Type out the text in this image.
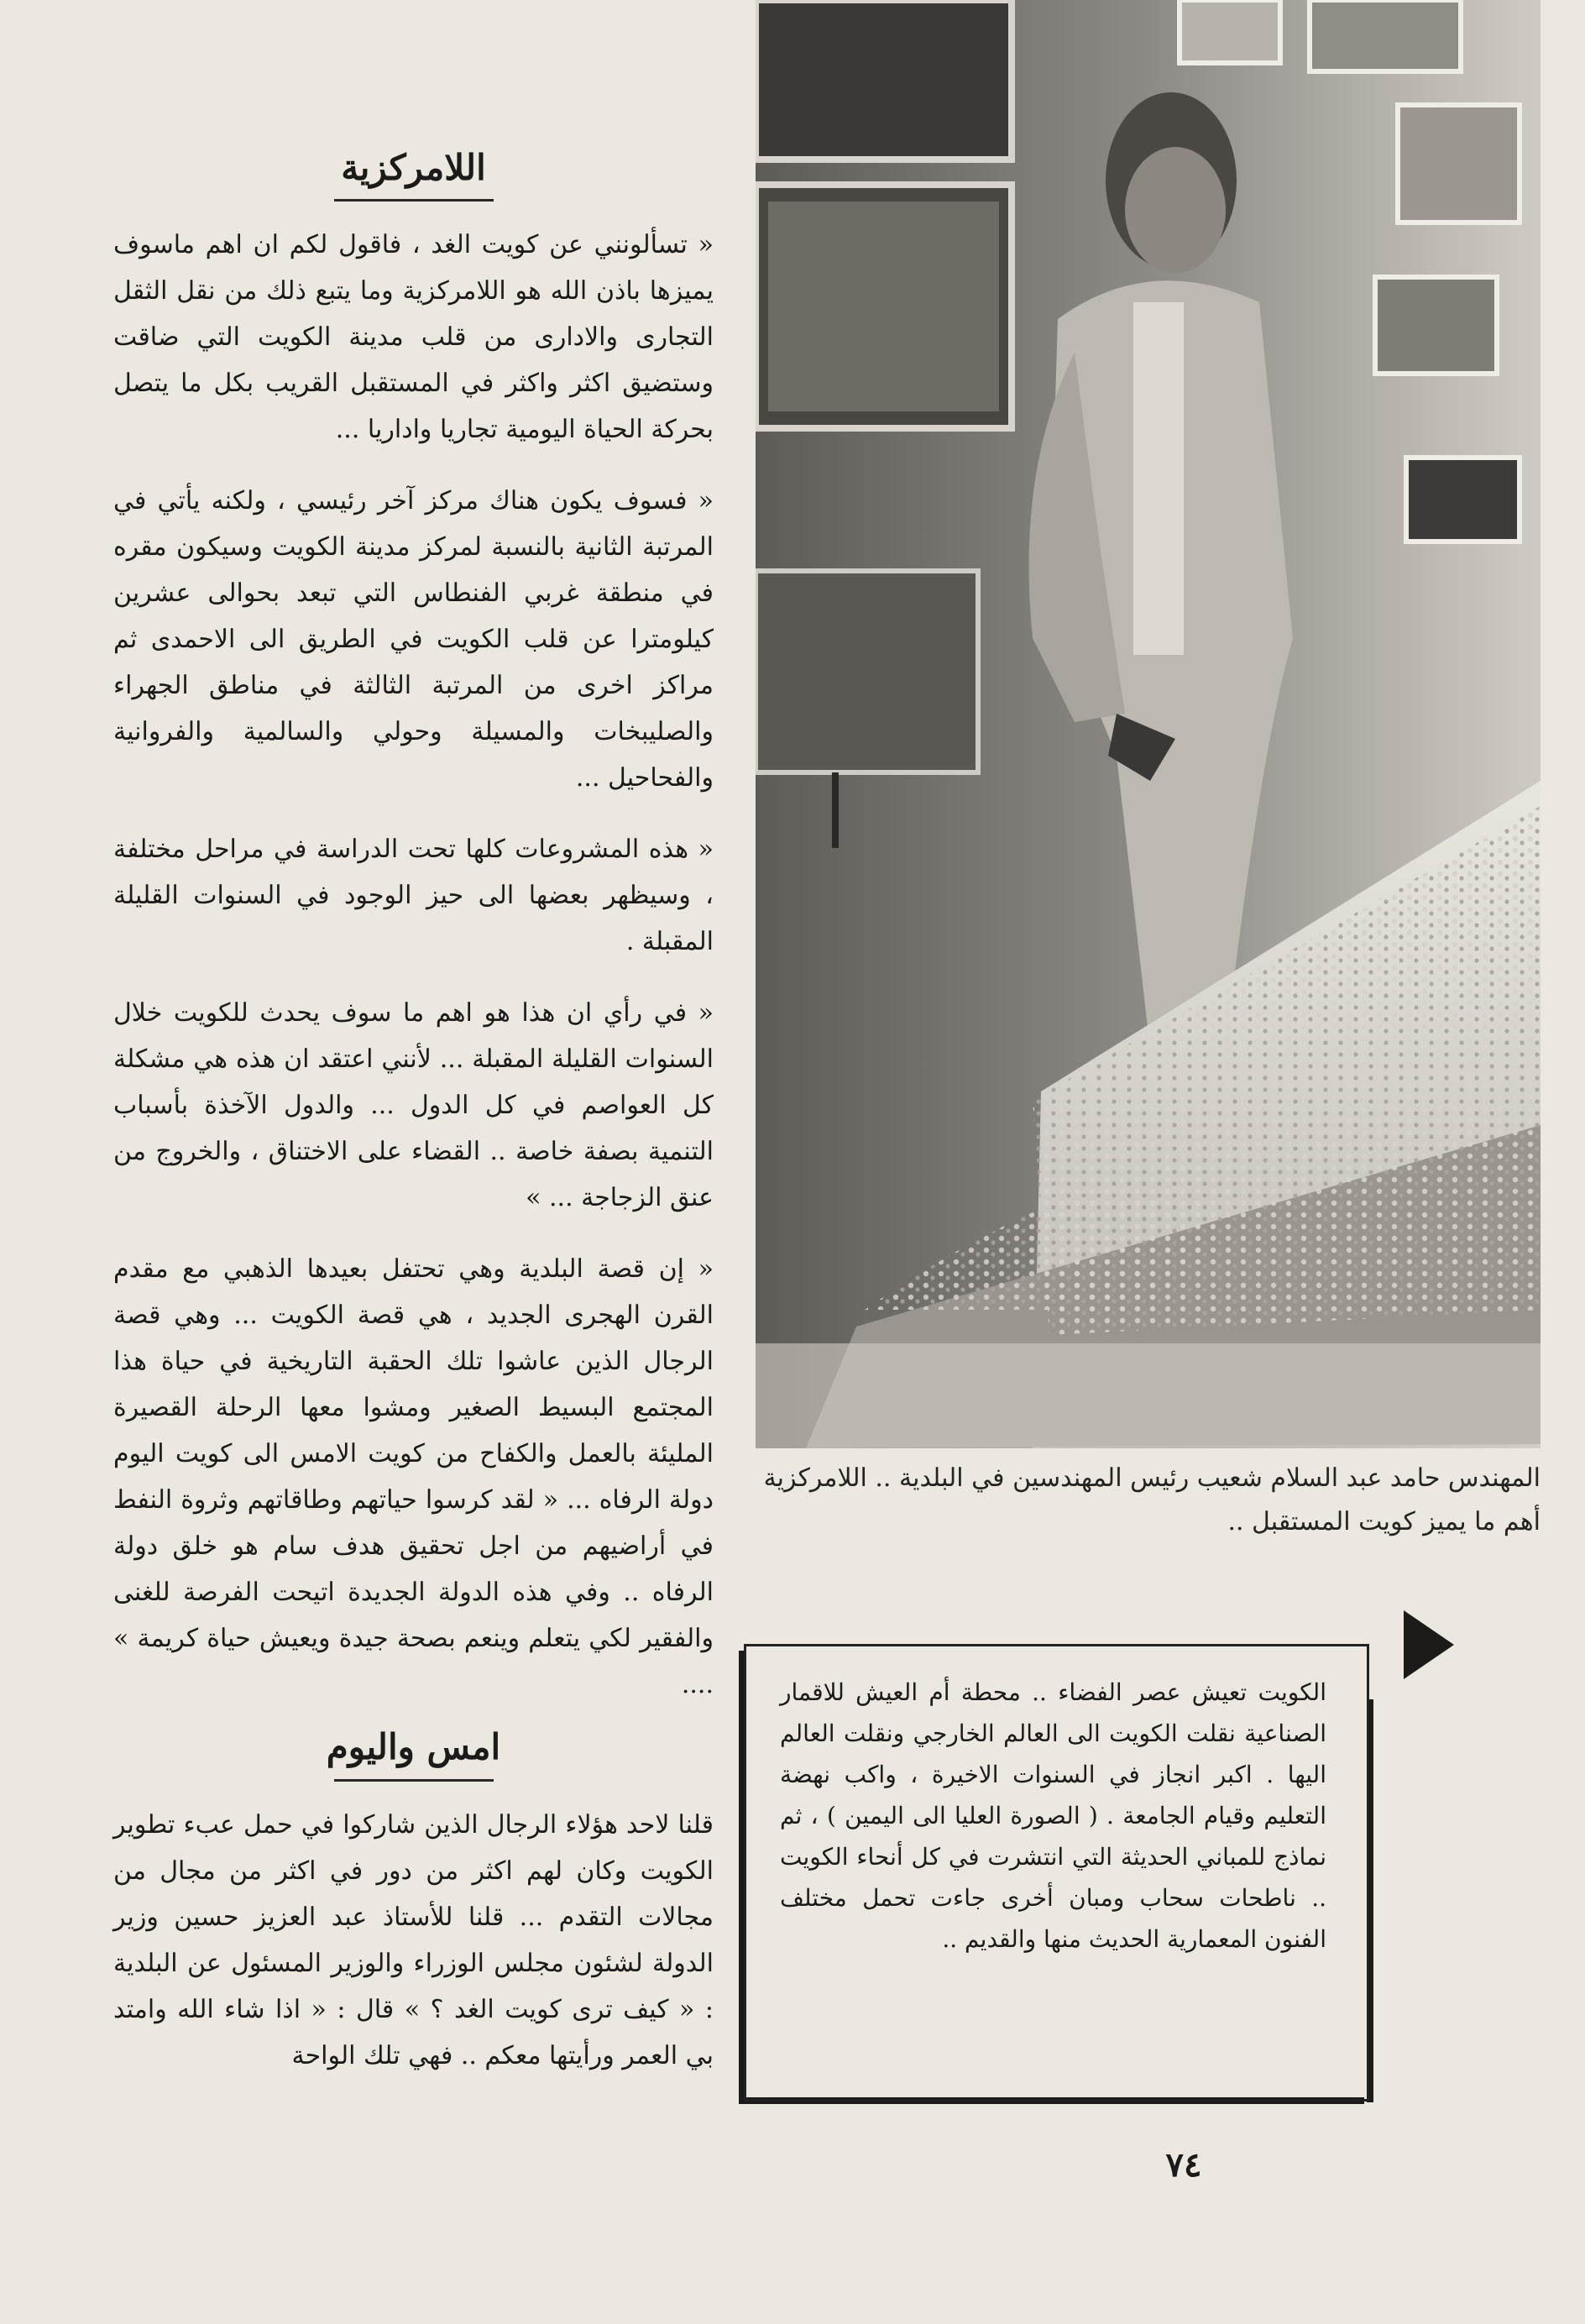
اللامركزية

« تسألونني عن كويت الغد ، فاقول لكم ان اهم ماسوف يميزها باذن الله هو اللامركزية وما يتبع ذلك من نقل الثقل التجارى والادارى من قلب مدينة الكويت التي ضاقت وستضيق اكثر واكثر في المستقبل القريب بكل ما يتصل بحركة الحياة اليومية تجاريا واداريا ...

« فسوف يكون هناك مركز آخر رئيسي ، ولكنه يأتي في المرتبة الثانية بالنسبة لمركز مدينة الكويت وسيكون مقره في منطقة غربي الفنطاس التي تبعد بحوالى عشرين كيلومترا عن قلب الكويت في الطريق الى الاحمدى ثم مراكز اخرى من المرتبة الثالثة في مناطق الجهراء والصليبخات والمسيلة وحولي والسالمية والفروانية والفحاحيل ...

« هذه المشروعات كلها تحت الدراسة في مراحل مختلفة ، وسيظهر بعضها الى حيز الوجود في السنوات القليلة المقبلة .

« في رأي ان هذا هو اهم ما سوف يحدث للكويت خلال السنوات القليلة المقبلة ... لأنني اعتقد ان هذه هي مشكلة كل العواصم في كل الدول ... والدول الآخذة بأسباب التنمية بصفة خاصة .. القضاء على الاختناق ، والخروج من عنق الزجاجة ... »

« إن قصة البلدية وهي تحتفل بعيدها الذهبي مع مقدم القرن الهجرى الجديد ، هي قصة الكويت ... وهي قصة الرجال الذين عاشوا تلك الحقبة التاريخية في حياة هذا المجتمع البسيط الصغير ومشوا معها الرحلة القصيرة المليئة بالعمل والكفاح من كويت الامس الى كويت اليوم دولة الرفاه ... « لقد كرسوا حياتهم وطاقاتهم وثروة النفط في أراضيهم من اجل تحقيق هدف سام هو خلق دولة الرفاه .. وفي هذه الدولة الجديدة اتيحت الفرصة للغنى والفقير لكي يتعلم وينعم بصحة جيدة ويعيش حياة كريمة » ....

امس واليوم

قلنا لاحد هؤلاء الرجال الذين شاركوا في حمل عبء تطوير الكويت وكان لهم اكثر من دور في اكثر من مجال من مجالات التقدم ... قلنا للأستاذ عبد العزيز حسين وزير الدولة لشئون مجلس الوزراء والوزير المسئول عن البلدية : « كيف ترى كويت الغد ؟ » قال : « اذا شاء الله وامتد بي العمر ورأيتها معكم .. فهي تلك الواحة

المهندس حامد عبد السلام شعيب رئيس المهندسين في البلدية .. اللامركزية أهم ما يميز كويت المستقبل ..
الكويت تعيش عصر الفضاء .. محطة أم العيش للاقمار الصناعية نقلت الكويت الى العالم الخارجي ونقلت العالم اليها . اكبر انجاز في السنوات الاخيرة ، واكب نهضة التعليم وقيام الجامعة . ( الصورة العليا الى اليمين ) ، ثم نماذج للمباني الحديثة التي انتشرت في كل أنحاء الكويت .. ناطحات سحاب ومبان أخرى جاءت تحمل مختلف الفنون المعمارية الحديث منها والقديم ..
٧٤
